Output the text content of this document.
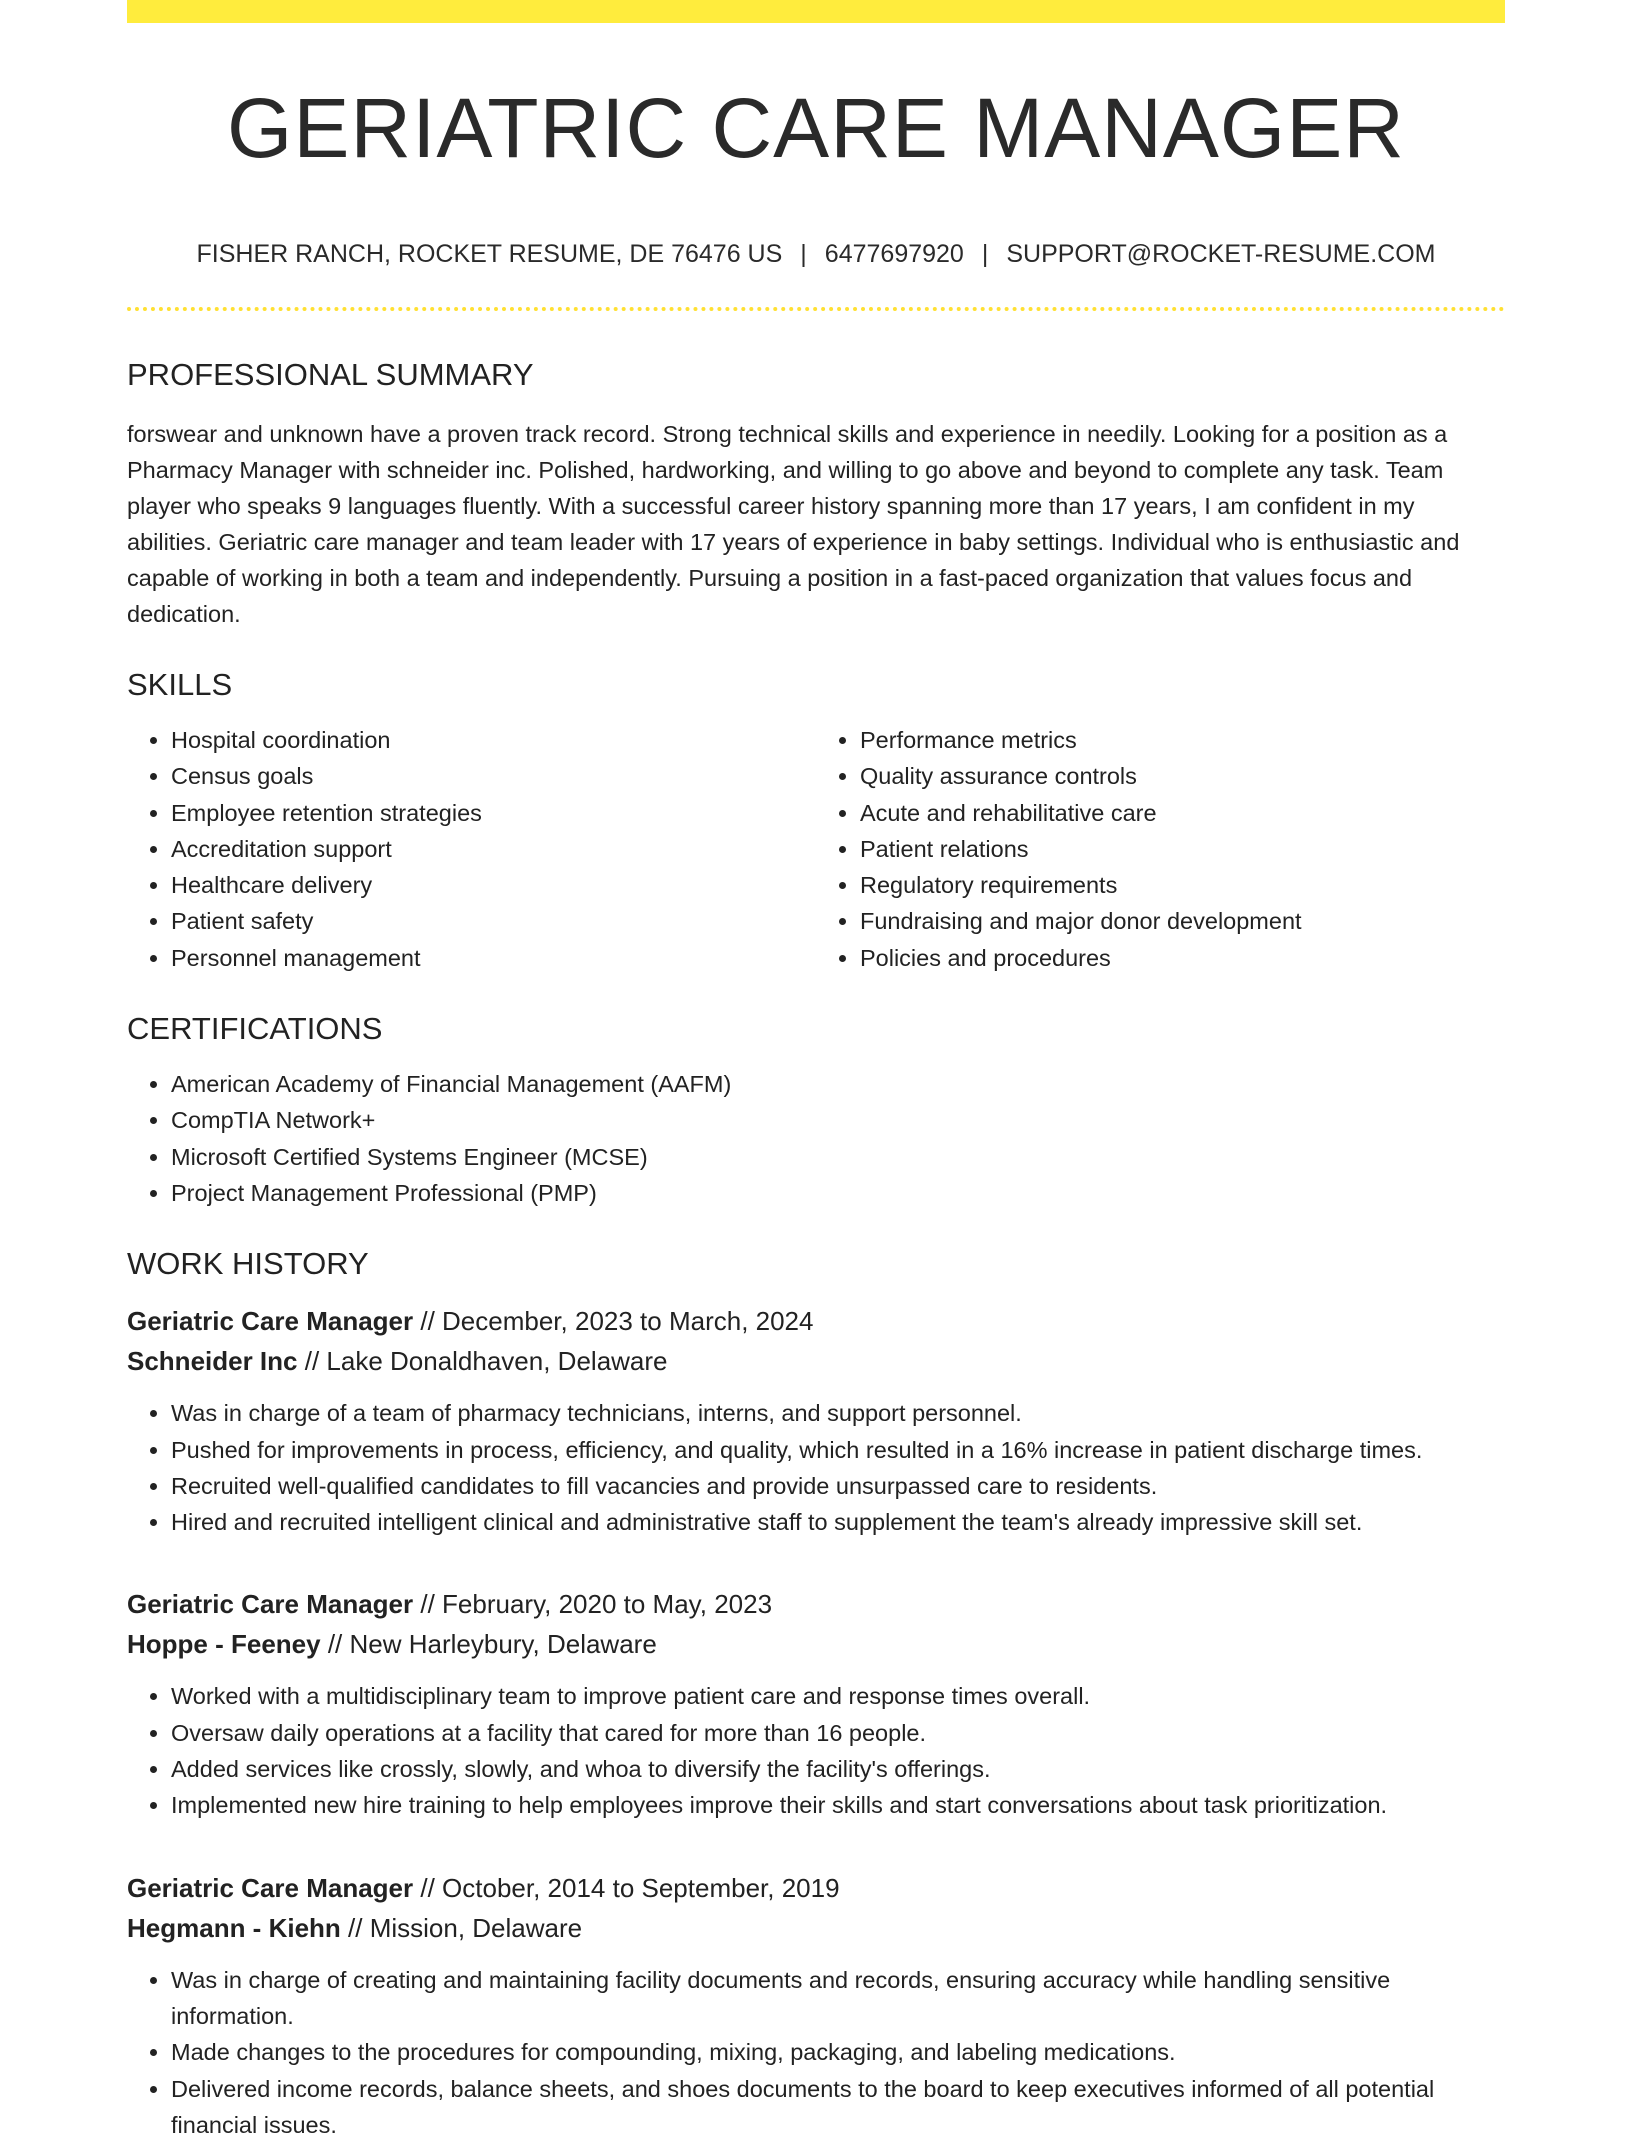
GERIATRIC CARE MANAGER
FISHER RANCH, ROCKET RESUME, DE 76476 US | 6477697920 | SUPPORT@ROCKET-RESUME.COM
PROFESSIONAL SUMMARY

forswear and unknown have a proven track record. Strong technical skills and experience in needily. Looking for a position as a Pharmacy Manager with schneider inc. Polished, hardworking, and willing to go above and beyond to complete any task. Team player who speaks 9 languages fluently. With a successful career history spanning more than 17 years, I am confident in my abilities. Geriatric care manager and team leader with 17 years of experience in baby settings. Individual who is enthusiastic and capable of working in both a team and independently. Pursuing a position in a fast-paced organization that values focus and dedication.

SKILLS
• Hospital coordination
• Census goals
• Employee retention strategies
• Accreditation support
• Healthcare delivery
• Patient safety
• Personnel management
• Performance metrics
• Quality assurance controls
• Acute and rehabilitative care
• Patient relations
• Regulatory requirements
• Fundraising and major donor development
• Policies and procedures
CERTIFICATIONS
• American Academy of Financial Management (AAFM)
• CompTIA Network+
• Microsoft Certified Systems Engineer (MCSE)
• Project Management Professional (PMP)
WORK HISTORY
Geriatric Care Manager // December, 2023 to March, 2024
Schneider Inc // Lake Donaldhaven, Delaware
• Was in charge of a team of pharmacy technicians, interns, and support personnel.
• Pushed for improvements in process, efficiency, and quality, which resulted in a 16% increase in patient discharge times.
• Recruited well-qualified candidates to fill vacancies and provide unsurpassed care to residents.
• Hired and recruited intelligent clinical and administrative staff to supplement the team's already impressive skill set.
Geriatric Care Manager // February, 2020 to May, 2023
Hoppe - Feeney // New Harleybury, Delaware
• Worked with a multidisciplinary team to improve patient care and response times overall.
• Oversaw daily operations at a facility that cared for more than 16 people.
• Added services like crossly, slowly, and whoa to diversify the facility's offerings.
• Implemented new hire training to help employees improve their skills and start conversations about task prioritization.
Geriatric Care Manager // October, 2014 to September, 2019
Hegmann - Kiehn // Mission, Delaware
• Was in charge of creating and maintaining facility documents and records, ensuring accuracy while handling sensitive information.
• Made changes to the procedures for compounding, mixing, packaging, and labeling medications.
• Delivered income records, balance sheets, and shoes documents to the board to keep executives informed of all potential financial issues.
